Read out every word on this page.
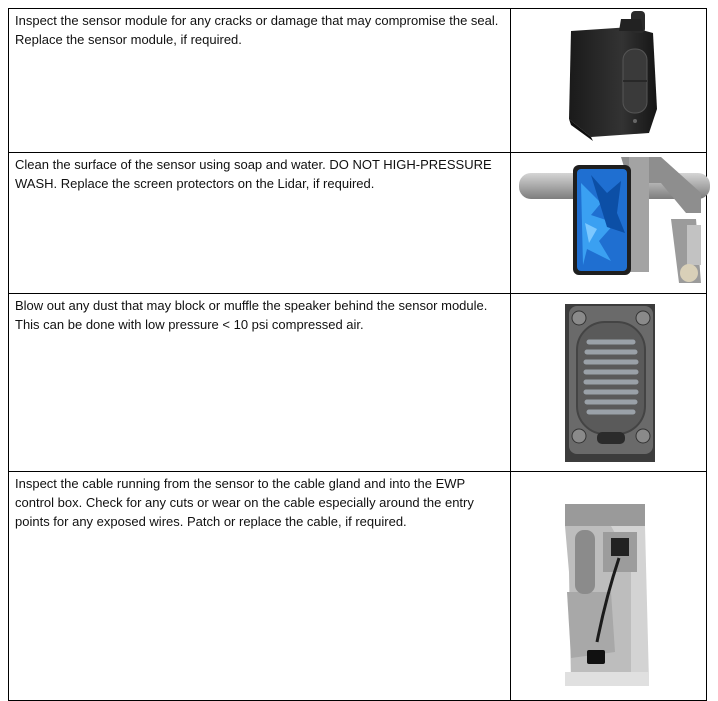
Inspect the sensor module for any cracks or damage that may compromise the seal. Replace the sensor module, if required.	

Clean the surface of the sensor using soap and water. DO NOT HIGH-PRESSURE WASH. Replace the screen protectors on the Lidar, if required.	

Blow out any dust that may block or muffle the speaker behind the sensor module. This can be done with low pressure < 10 psi compressed air.	

Inspect the cable running from the sensor to the cable gland and into the EWP control box. Check for any cuts or wear on the cable especially around the entry points for any exposed wires. Patch or replace the cable, if required.	
